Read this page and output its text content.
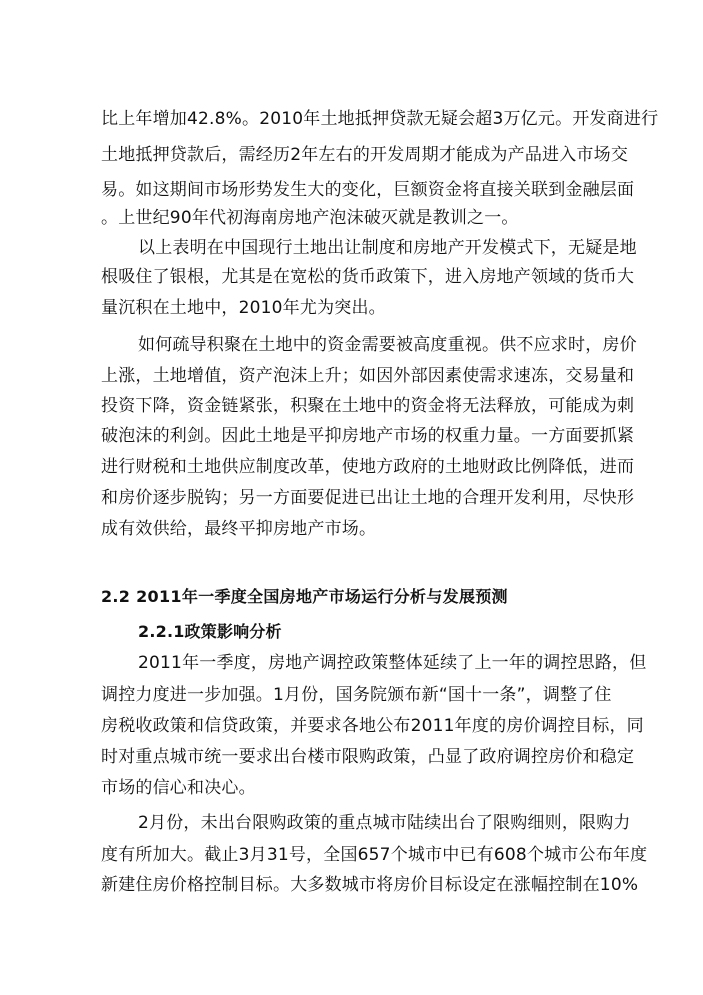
比上年增加42.8%。2010年土地抵押贷款无疑会超3万亿元。开发商进行
土地抵押贷款后，需经历2年左右的开发周期才能成为产品进入市场交
易。如这期间市场形势发生大的变化，巨额资金将直接关联到金融层面
。上世纪90年代初海南房地产泡沫破灭就是教训之一。
以上表明在中国现行土地出让制度和房地产开发模式下，无疑是地
根吸住了银根，尤其是在宽松的货币政策下，进入房地产领域的货币大
量沉积在土地中，2010年尤为突出。
如何疏导积聚在土地中的资金需要被高度重视。供不应求时，房价
上涨，土地增值，资产泡沫上升；如因外部因素使需求速冻，交易量和
投资下降，资金链紧张，积聚在土地中的资金将无法释放，可能成为刺
破泡沫的利剑。因此土地是平抑房地产市场的权重力量。一方面要抓紧
进行财税和土地供应制度改革，使地方政府的土地财政比例降低，进而
和房价逐步脱钩；另一方面要促进已出让土地的合理开发利用，尽快形
成有效供给，最终平抑房地产市场。
2.2 2011年一季度全国房地产市场运行分析与发展预测
2.2.1政策影响分析
2011年一季度，房地产调控政策整体延续了上一年的调控思路，但
调控力度进一步加强。1月份，国务院颁布新“国十一条”，调整了住
房税收政策和信贷政策，并要求各地公布2011年度的房价调控目标，同
时对重点城市统一要求出台楼市限购政策，凸显了政府调控房价和稳定
市场的信心和决心。
2月份，未出台限购政策的重点城市陆续出台了限购细则，限购力
度有所加大。截止3月31号，全国657个城市中已有608个城市公布年度
新建住房价格控制目标。大多数城市将房价目标设定在涨幅控制在10%
